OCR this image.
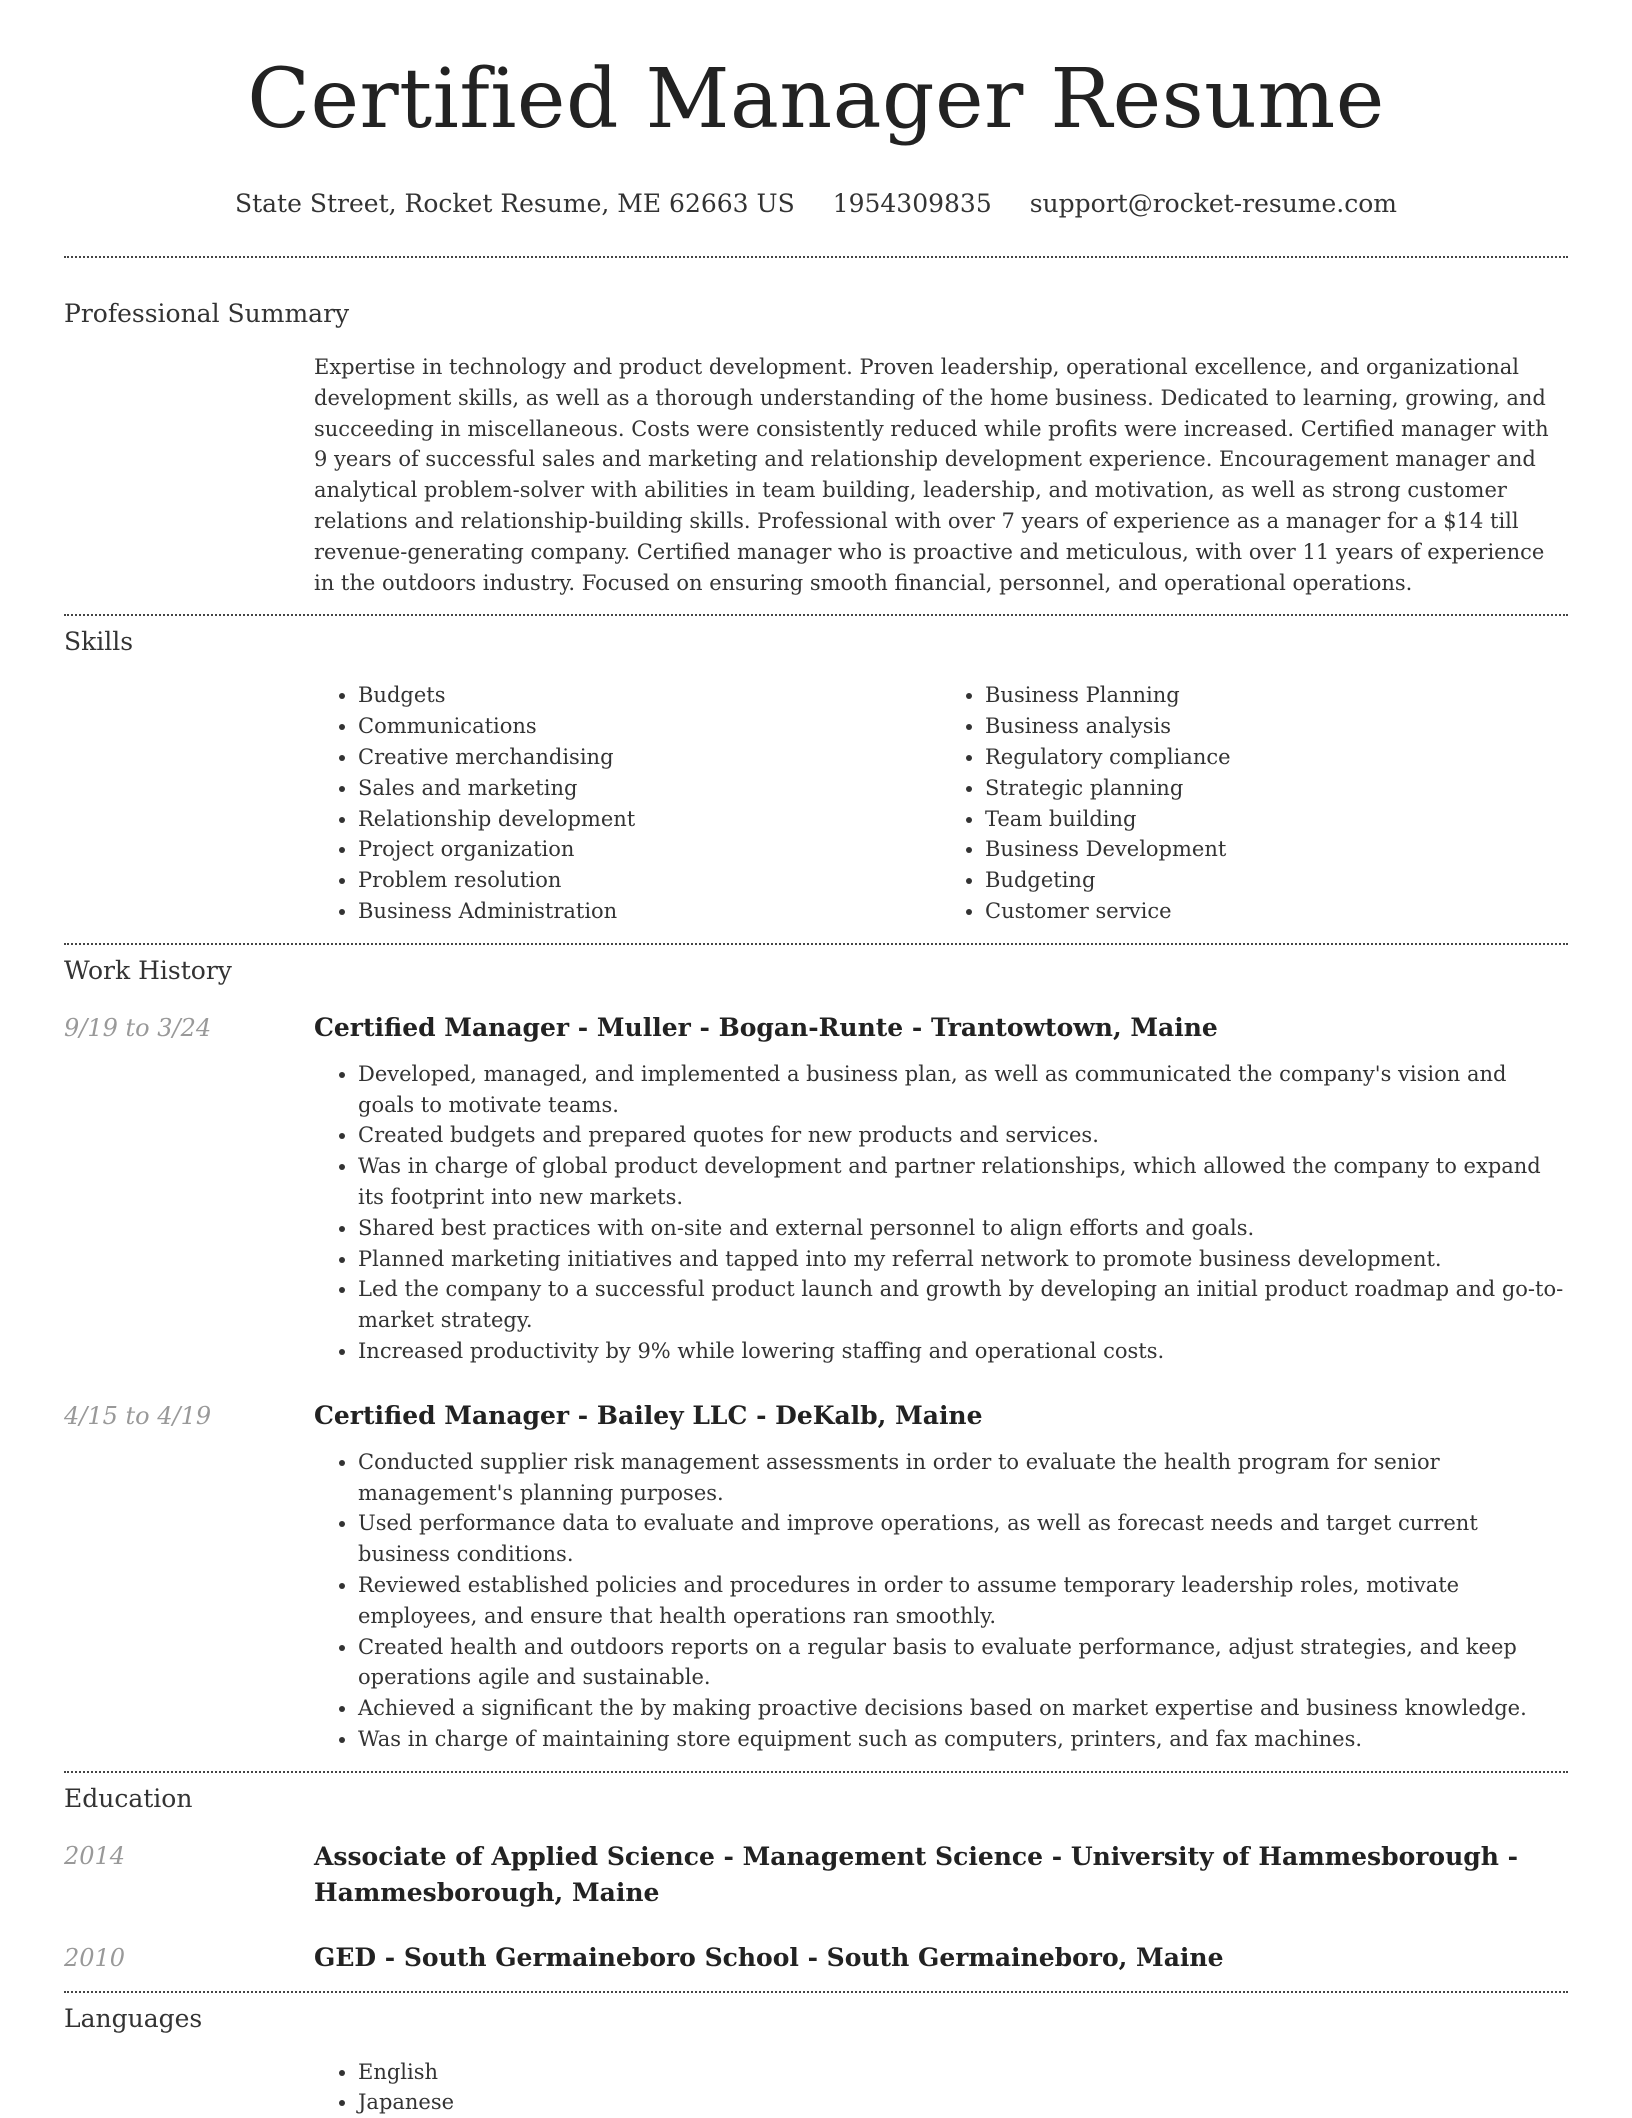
Certified Manager Resume
State Street, Rocket Resume, ME 62663 US 1954309835 support@rocket-resume.com
Professional Summary

Expertise in technology and product development. Proven leadership, operational excellence, and organizational development skills, as well as a thorough understanding of the home business. Dedicated to learning, growing, and succeeding in miscellaneous. Costs were consistently reduced while profits were increased. Certified manager with 9 years of successful sales and marketing and relationship development experience. Encouragement manager and analytical problem-solver with abilities in team building, leadership, and motivation, as well as strong customer relations and relationship-building skills. Professional with over 7 years of experience as a manager for a $14 till revenue-generating company. Certified manager who is proactive and meticulous, with over 11 years of experience in the outdoors industry. Focused on ensuring smooth financial, personnel, and operational operations.

Skills
• Budgets
• Communications
• Creative merchandising
• Sales and marketing
• Relationship development
• Project organization
• Problem resolution
• Business Administration
• Business Planning
• Business analysis
• Regulatory compliance
• Strategic planning
• Team building
• Business Development
• Budgeting
• Customer service
Work History
9/19 to 3/24	Certified Manager - Muller - Bogan-Runte - Trantowtown, Maine
• Developed, managed, and implemented a business plan, as well as communicated the company's vision and goals to motivate teams.
• Created budgets and prepared quotes for new products and services.
• Was in charge of global product development and partner relationships, which allowed the company to expand its footprint into new markets.
• Shared best practices with on-site and external personnel to align efforts and goals.
• Planned marketing initiatives and tapped into my referral network to promote business development.
• Led the company to a successful product launch and growth by developing an initial product roadmap and go-to-market strategy.
• Increased productivity by 9% while lowering staffing and operational costs.
4/15 to 4/19	Certified Manager - Bailey LLC - DeKalb, Maine
• Conducted supplier risk management assessments in order to evaluate the health program for senior management's planning purposes.
• Used performance data to evaluate and improve operations, as well as forecast needs and target current business conditions.
• Reviewed established policies and procedures in order to assume temporary leadership roles, motivate employees, and ensure that health operations ran smoothly.
• Created health and outdoors reports on a regular basis to evaluate performance, adjust strategies, and keep operations agile and sustainable.
• Achieved a significant the by making proactive decisions based on market expertise and business knowledge.
• Was in charge of maintaining store equipment such as computers, printers, and fax machines.
Education
2014	Associate of Applied Science - Management Science - University of Hammesborough - Hammesborough, Maine
2010	GED - South Germaineboro School - South Germaineboro, Maine
Languages
• English
• Japanese
